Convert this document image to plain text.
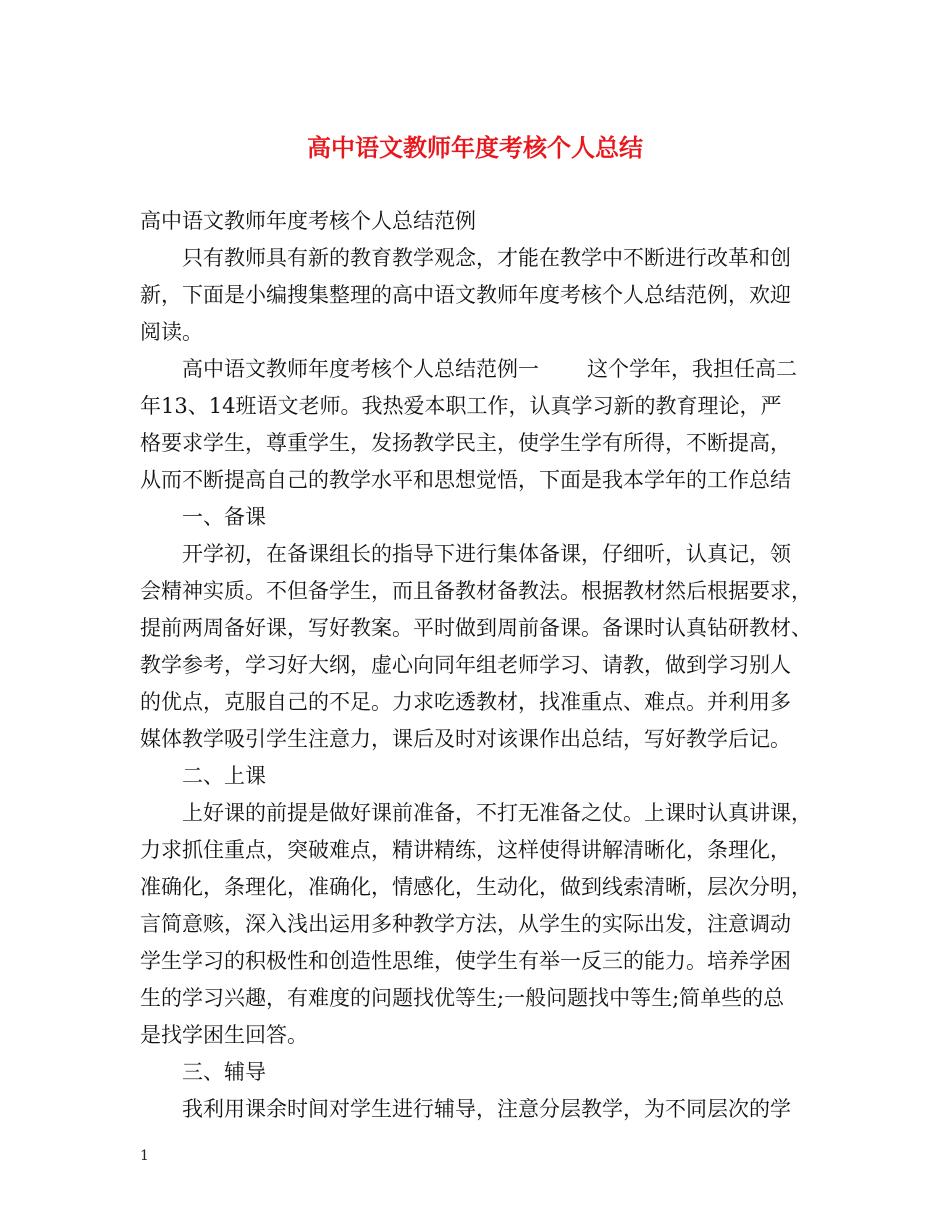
高中语文教师年度考核个人总结
高中语文教师年度考核个人总结范例
只有教师具有新的教育教学观念，才能在教学中不断进行改革和创
新，下面是小编搜集整理的高中语文教师年度考核个人总结范例，欢迎
阅读。
高中语文教师年度考核个人总结范例一 这个学年，我担任高二
年13、14班语文老师。我热爱本职工作，认真学习新的教育理论，严
格要求学生，尊重学生，发扬教学民主，使学生学有所得，不断提高，
从而不断提高自己的教学水平和思想觉悟，下面是我本学年的工作总结
一、备课
开学初，在备课组长的指导下进行集体备课，仔细听，认真记，领
会精神实质。不但备学生，而且备教材备教法。根据教材然后根据要求，
提前两周备好课，写好教案。平时做到周前备课。备课时认真钻研教材、
教学参考，学习好大纲，虚心向同年组老师学习、请教，做到学习别人
的优点，克服自己的不足。力求吃透教材，找准重点、难点。并利用多
媒体教学吸引学生注意力，课后及时对该课作出总结，写好教学后记。
二、上课
上好课的前提是做好课前准备，不打无准备之仗。上课时认真讲课，
力求抓住重点，突破难点，精讲精练，这样使得讲解清晰化，条理化，
准确化，条理化，准确化，情感化，生动化，做到线索清晰，层次分明，
言简意赅，深入浅出运用多种教学方法，从学生的实际出发，注意调动
学生学习的积极性和创造性思维，使学生有举一反三的能力。培养学困
生的学习兴趣，有难度的问题找优等生;一般问题找中等生;简单些的总
是找学困生回答。
三、辅导
我利用课余时间对学生进行辅导，注意分层教学，为不同层次的学
1
